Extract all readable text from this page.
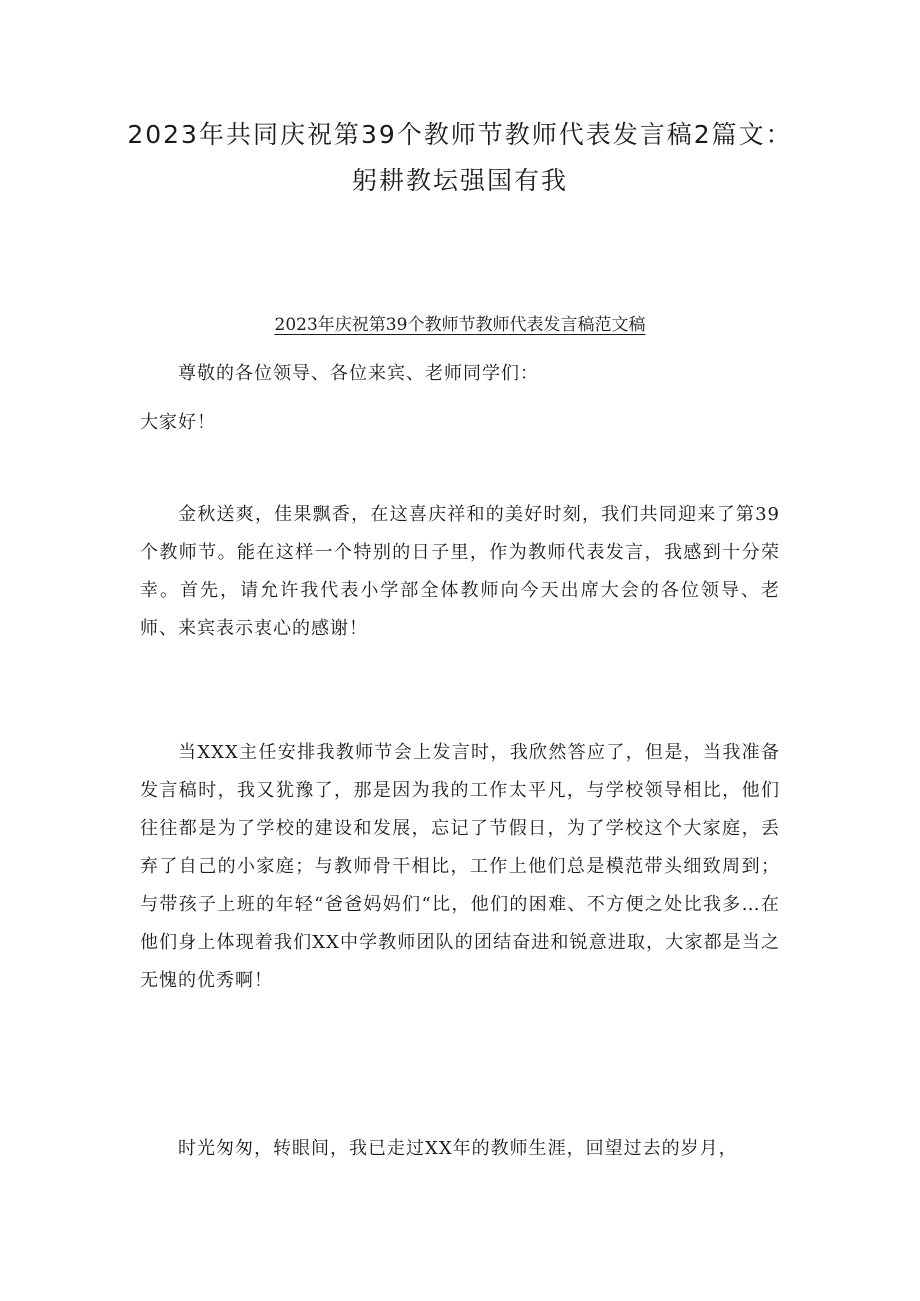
2023年共同庆祝第39个教师节教师代表发言稿2篇文：躬耕教坛强国有我

2023年庆祝第39个教师节教师代表发言稿范文稿

尊敬的各位领导、各位来宾、老师同学们：

大家好！

金秋送爽，佳果飘香，在这喜庆祥和的美好时刻，我们共同迎来了第39个教师节。能在这样一个特别的日子里，作为教师代表发言，我感到十分荣幸。首先，请允许我代表小学部全体教师向今天出席大会的各位领导、老师、来宾表示衷心的感谢！

当XXX主任安排我教师节会上发言时，我欣然答应了，但是，当我准备发言稿时，我又犹豫了，那是因为我的工作太平凡，与学校领导相比，他们往往都是为了学校的建设和发展，忘记了节假日，为了学校这个大家庭，丢弃了自己的小家庭；与教师骨干相比，工作上他们总是模范带头细致周到；与带孩子上班的年轻“爸爸妈妈们“比，他们的困难、不方便之处比我多…在他们身上体现着我们XX中学教师团队的团结奋进和锐意进取，大家都是当之无愧的优秀啊！

时光匆匆，转眼间，我已走过XX年的教师生涯，回望过去的岁月，
